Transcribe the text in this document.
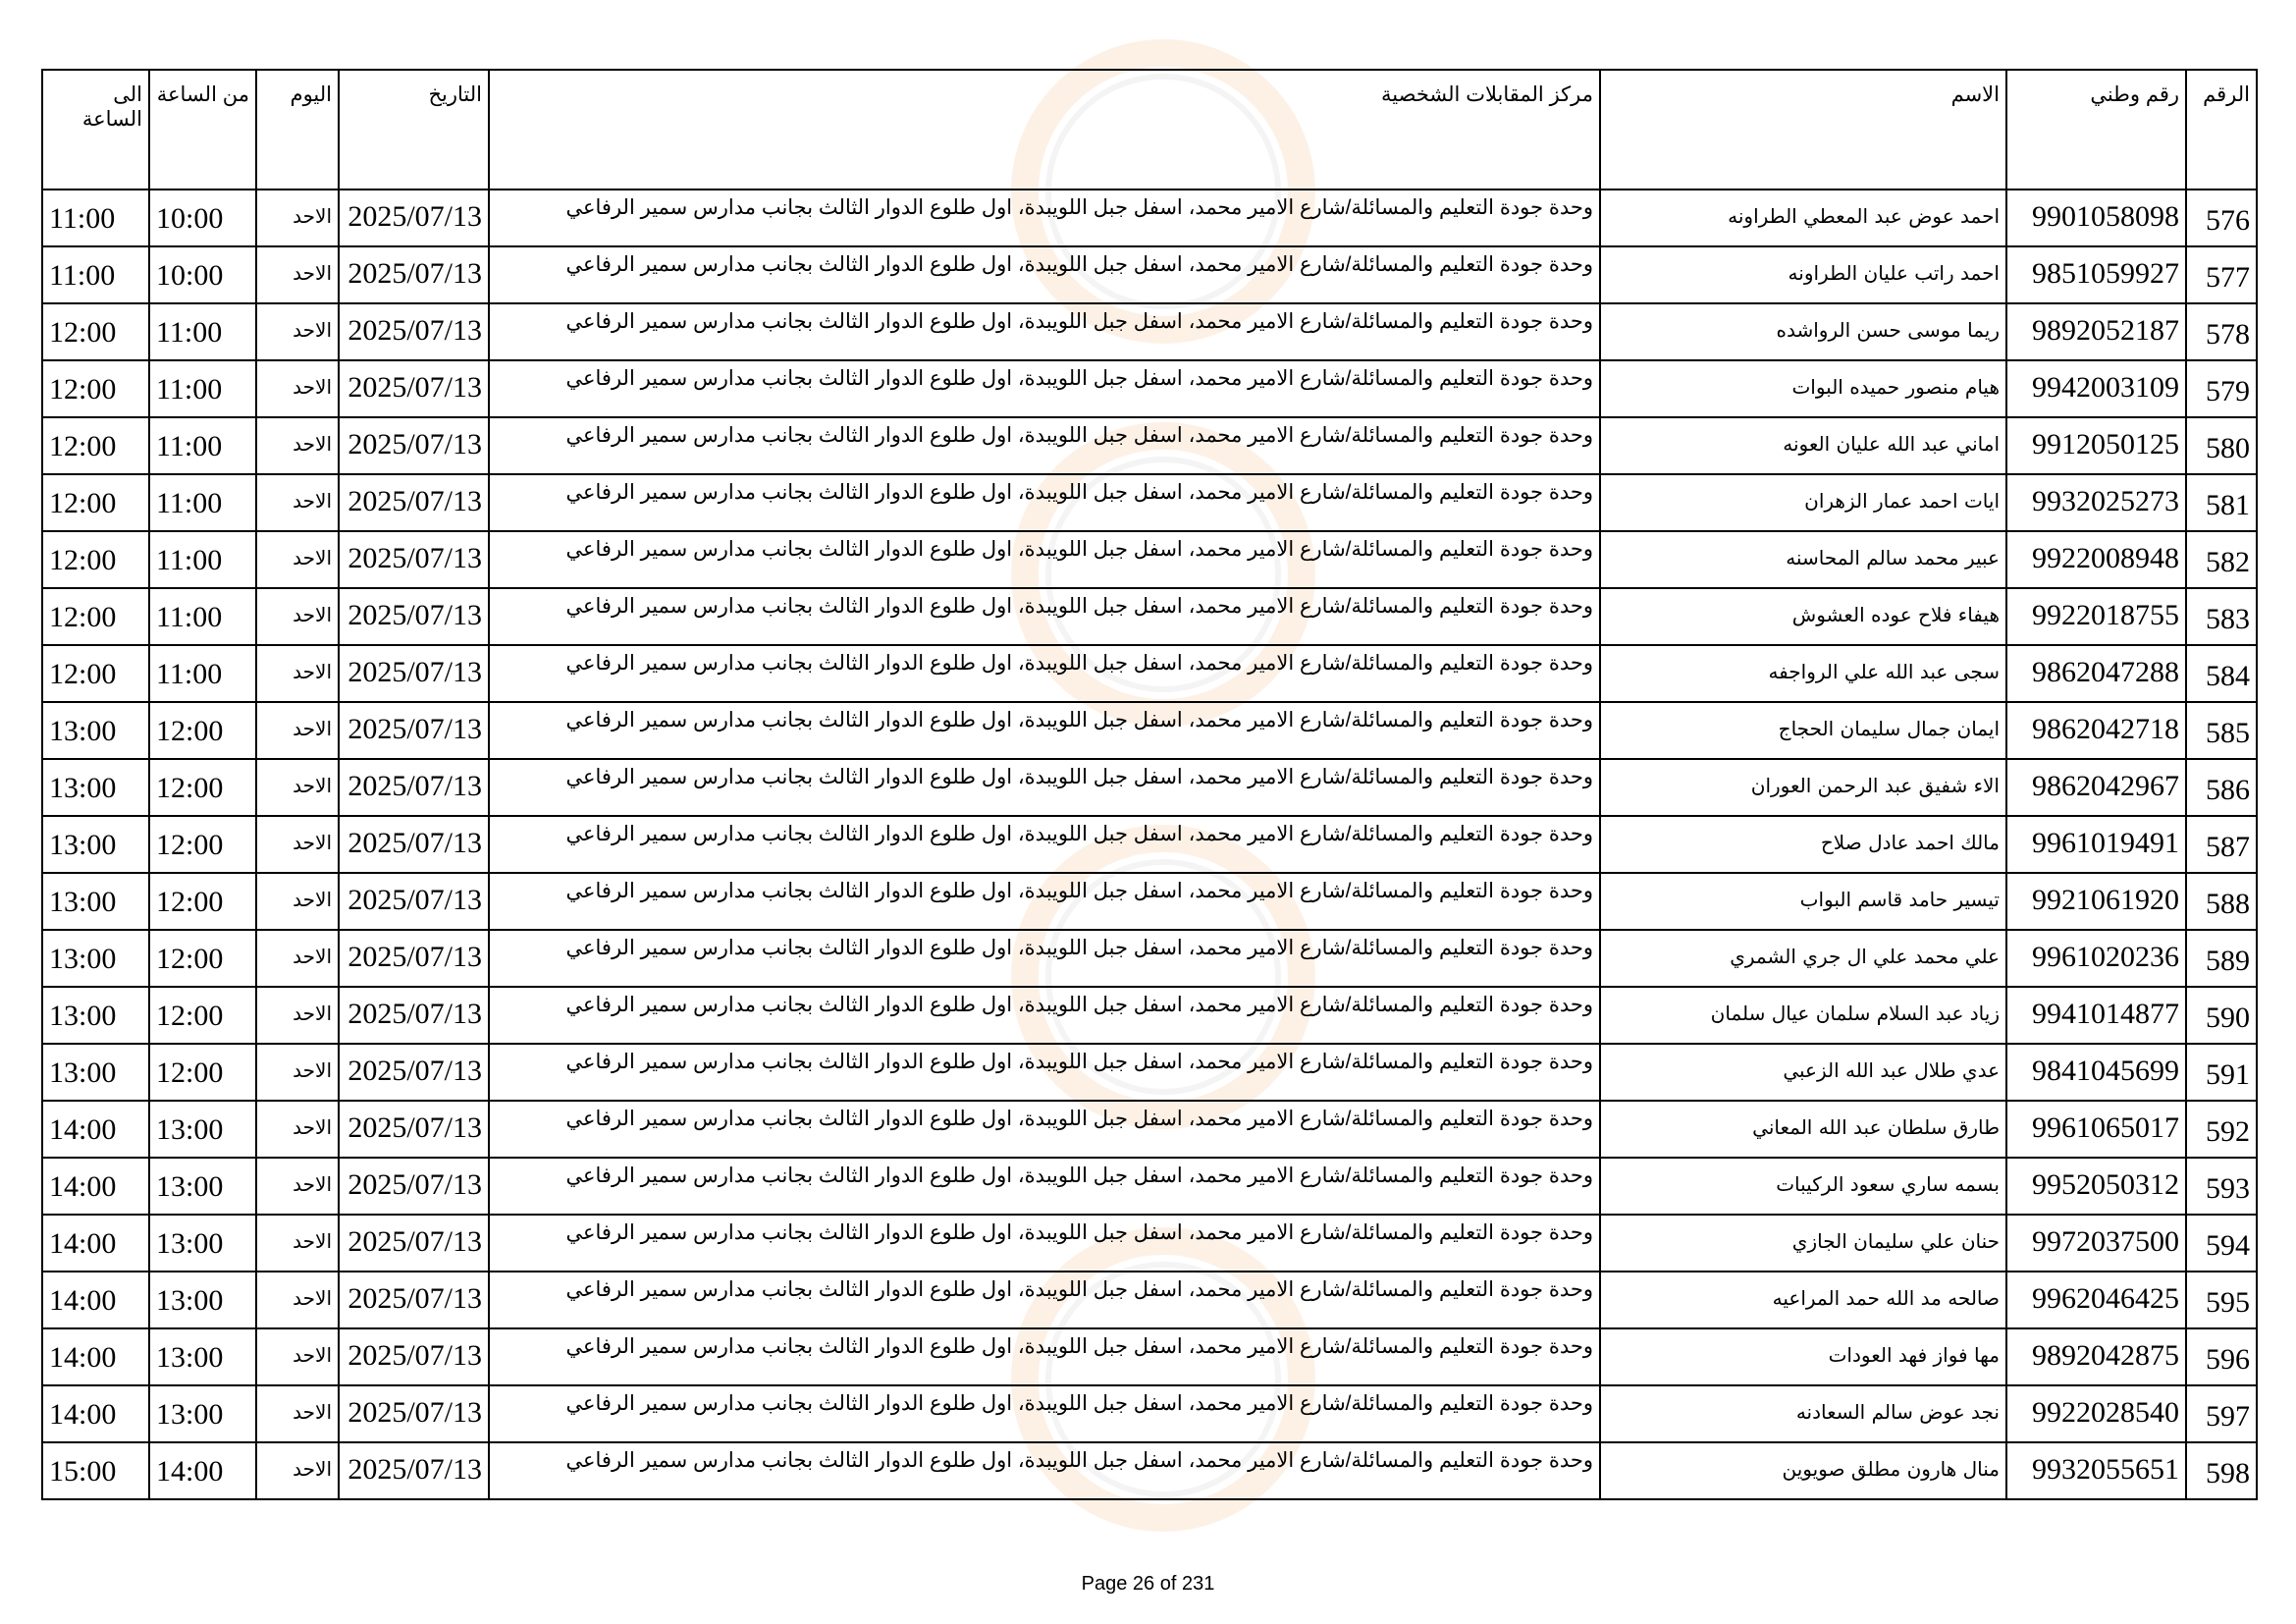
الرقم	رقم وطني	الاسم	مركز المقابلات الشخصية	التاريخ	اليوم	من الساعة	الى الساعة
576	9901058098	احمد عوض عبد المعطي الطراونه	وحدة جودة التعليم والمسائلة/شارع الامير محمد، اسفل جبل اللويبدة، اول طلوع الدوار الثالث بجانب مدارس سمير الرفاعي	2025/07/13	الاحد	10:00	11:00
577	9851059927	احمد راتب عليان الطراونه	وحدة جودة التعليم والمسائلة/شارع الامير محمد، اسفل جبل اللويبدة، اول طلوع الدوار الثالث بجانب مدارس سمير الرفاعي	2025/07/13	الاحد	10:00	11:00
578	9892052187	ريما موسى حسن الرواشده	وحدة جودة التعليم والمسائلة/شارع الامير محمد، اسفل جبل اللويبدة، اول طلوع الدوار الثالث بجانب مدارس سمير الرفاعي	2025/07/13	الاحد	11:00	12:00
579	9942003109	هيام منصور حميده البوات	وحدة جودة التعليم والمسائلة/شارع الامير محمد، اسفل جبل اللويبدة، اول طلوع الدوار الثالث بجانب مدارس سمير الرفاعي	2025/07/13	الاحد	11:00	12:00
580	9912050125	اماني عبد الله عليان العونه	وحدة جودة التعليم والمسائلة/شارع الامير محمد، اسفل جبل اللويبدة، اول طلوع الدوار الثالث بجانب مدارس سمير الرفاعي	2025/07/13	الاحد	11:00	12:00
581	9932025273	ايات احمد عمار الزهران	وحدة جودة التعليم والمسائلة/شارع الامير محمد، اسفل جبل اللويبدة، اول طلوع الدوار الثالث بجانب مدارس سمير الرفاعي	2025/07/13	الاحد	11:00	12:00
582	9922008948	عبير محمد سالم المحاسنه	وحدة جودة التعليم والمسائلة/شارع الامير محمد، اسفل جبل اللويبدة، اول طلوع الدوار الثالث بجانب مدارس سمير الرفاعي	2025/07/13	الاحد	11:00	12:00
583	9922018755	هيفاء فلاح عوده العشوش	وحدة جودة التعليم والمسائلة/شارع الامير محمد، اسفل جبل اللويبدة، اول طلوع الدوار الثالث بجانب مدارس سمير الرفاعي	2025/07/13	الاحد	11:00	12:00
584	9862047288	سجى عبد الله علي الرواجفه	وحدة جودة التعليم والمسائلة/شارع الامير محمد، اسفل جبل اللويبدة، اول طلوع الدوار الثالث بجانب مدارس سمير الرفاعي	2025/07/13	الاحد	11:00	12:00
585	9862042718	ايمان جمال سليمان الحجاج	وحدة جودة التعليم والمسائلة/شارع الامير محمد، اسفل جبل اللويبدة، اول طلوع الدوار الثالث بجانب مدارس سمير الرفاعي	2025/07/13	الاحد	12:00	13:00
586	9862042967	الاء شفيق عبد الرحمن العوران	وحدة جودة التعليم والمسائلة/شارع الامير محمد، اسفل جبل اللويبدة، اول طلوع الدوار الثالث بجانب مدارس سمير الرفاعي	2025/07/13	الاحد	12:00	13:00
587	9961019491	مالك احمد عادل صلاح	وحدة جودة التعليم والمسائلة/شارع الامير محمد، اسفل جبل اللويبدة، اول طلوع الدوار الثالث بجانب مدارس سمير الرفاعي	2025/07/13	الاحد	12:00	13:00
588	9921061920	تيسير حامد قاسم البواب	وحدة جودة التعليم والمسائلة/شارع الامير محمد، اسفل جبل اللويبدة، اول طلوع الدوار الثالث بجانب مدارس سمير الرفاعي	2025/07/13	الاحد	12:00	13:00
589	9961020236	علي محمد علي ال جري الشمري	وحدة جودة التعليم والمسائلة/شارع الامير محمد، اسفل جبل اللويبدة، اول طلوع الدوار الثالث بجانب مدارس سمير الرفاعي	2025/07/13	الاحد	12:00	13:00
590	9941014877	زياد عبد السلام سلمان عيال سلمان	وحدة جودة التعليم والمسائلة/شارع الامير محمد، اسفل جبل اللويبدة، اول طلوع الدوار الثالث بجانب مدارس سمير الرفاعي	2025/07/13	الاحد	12:00	13:00
591	9841045699	عدي طلال عبد الله الزعبي	وحدة جودة التعليم والمسائلة/شارع الامير محمد، اسفل جبل اللويبدة، اول طلوع الدوار الثالث بجانب مدارس سمير الرفاعي	2025/07/13	الاحد	12:00	13:00
592	9961065017	طارق سلطان عبد الله المعاني	وحدة جودة التعليم والمسائلة/شارع الامير محمد، اسفل جبل اللويبدة، اول طلوع الدوار الثالث بجانب مدارس سمير الرفاعي	2025/07/13	الاحد	13:00	14:00
593	9952050312	بسمه ساري سعود الركيبات	وحدة جودة التعليم والمسائلة/شارع الامير محمد، اسفل جبل اللويبدة، اول طلوع الدوار الثالث بجانب مدارس سمير الرفاعي	2025/07/13	الاحد	13:00	14:00
594	9972037500	حنان علي سليمان الجازي	وحدة جودة التعليم والمسائلة/شارع الامير محمد، اسفل جبل اللويبدة، اول طلوع الدوار الثالث بجانب مدارس سمير الرفاعي	2025/07/13	الاحد	13:00	14:00
595	9962046425	صالحه مد الله حمد المراعيه	وحدة جودة التعليم والمسائلة/شارع الامير محمد، اسفل جبل اللويبدة، اول طلوع الدوار الثالث بجانب مدارس سمير الرفاعي	2025/07/13	الاحد	13:00	14:00
596	9892042875	مها فواز فهد العودات	وحدة جودة التعليم والمسائلة/شارع الامير محمد، اسفل جبل اللويبدة، اول طلوع الدوار الثالث بجانب مدارس سمير الرفاعي	2025/07/13	الاحد	13:00	14:00
597	9922028540	نجد عوض سالم السعادنه	وحدة جودة التعليم والمسائلة/شارع الامير محمد، اسفل جبل اللويبدة، اول طلوع الدوار الثالث بجانب مدارس سمير الرفاعي	2025/07/13	الاحد	13:00	14:00
598	9932055651	منال هارون مطلق صويوين	وحدة جودة التعليم والمسائلة/شارع الامير محمد، اسفل جبل اللويبدة، اول طلوع الدوار الثالث بجانب مدارس سمير الرفاعي	2025/07/13	الاحد	14:00	15:00
Page 26 of 231
